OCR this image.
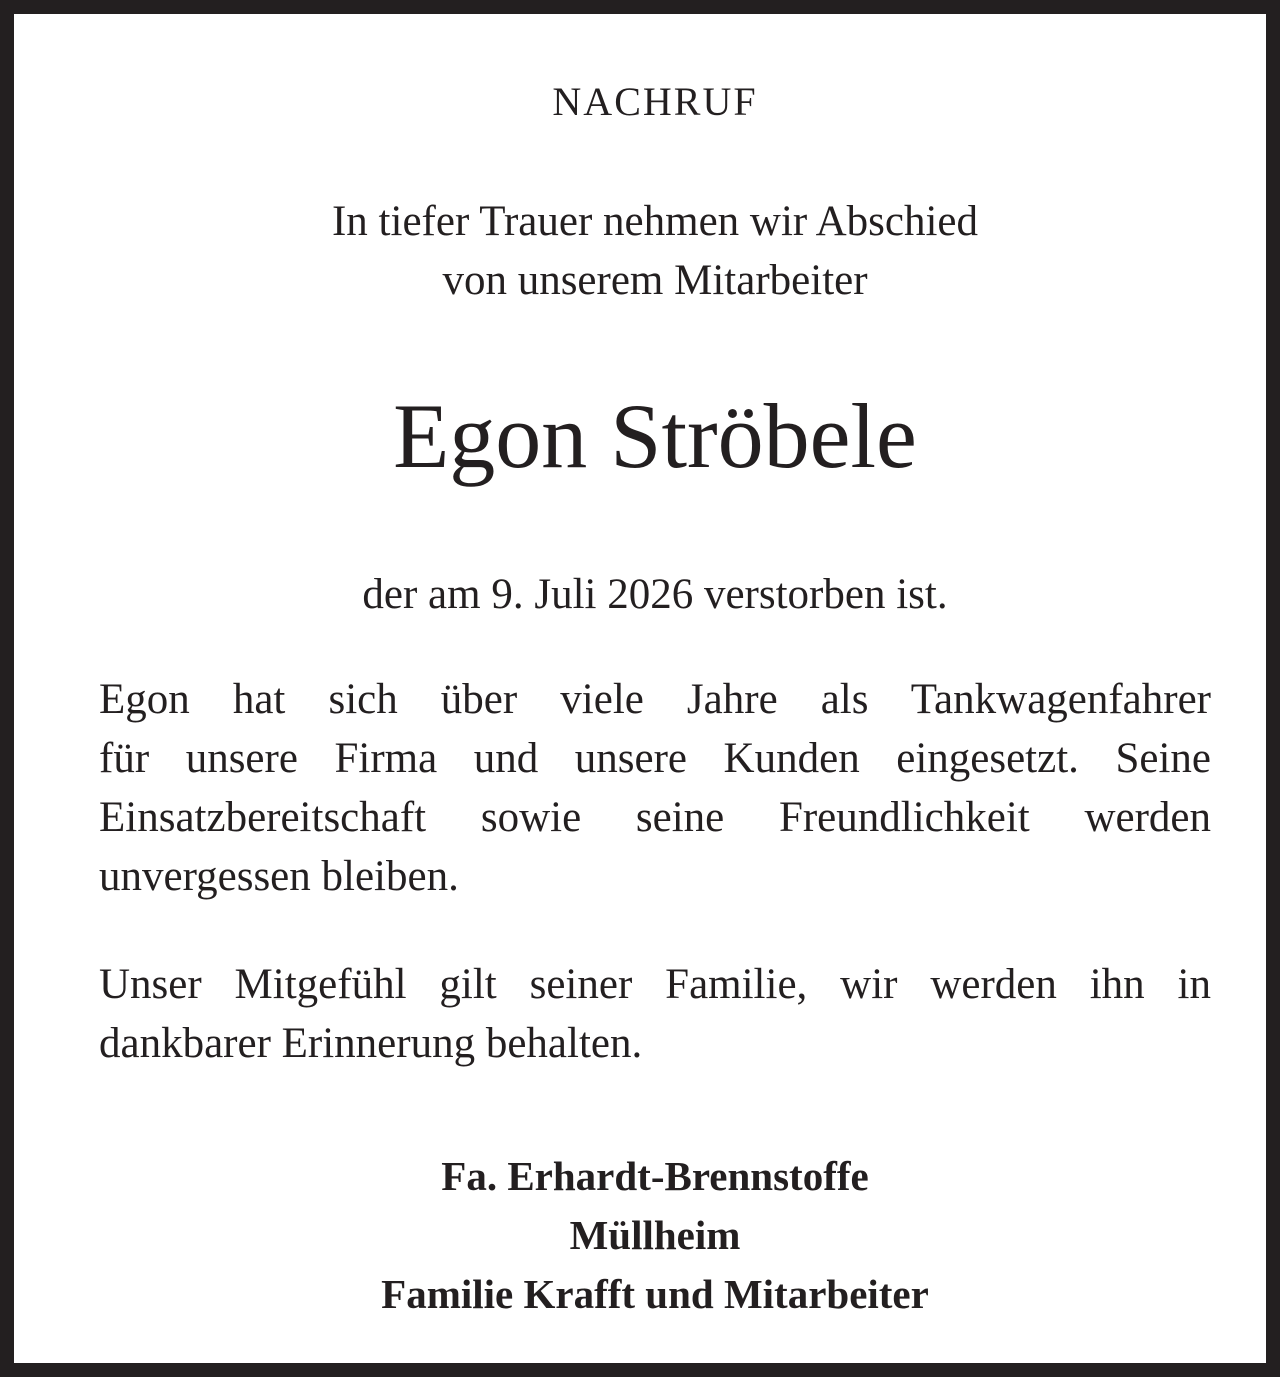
NACHRUF
In tiefer Trauer nehmen wir Abschied
von unserem Mitarbeiter
Egon Ströbele
der am 9. Juli 2026 verstorben ist.
Egon hat sich über viele Jahre als Tankwagenfahrer
für unsere Firma und unsere Kunden eingesetzt. Seine
Einsatzbereitschaft sowie seine Freundlichkeit werden
unvergessen bleiben.
Unser Mitgefühl gilt seiner Familie, wir werden ihn in
dankbarer Erinnerung behalten.
Fa. Erhardt-Brennstoffe
Müllheim
Familie Krafft und Mitarbeiter
